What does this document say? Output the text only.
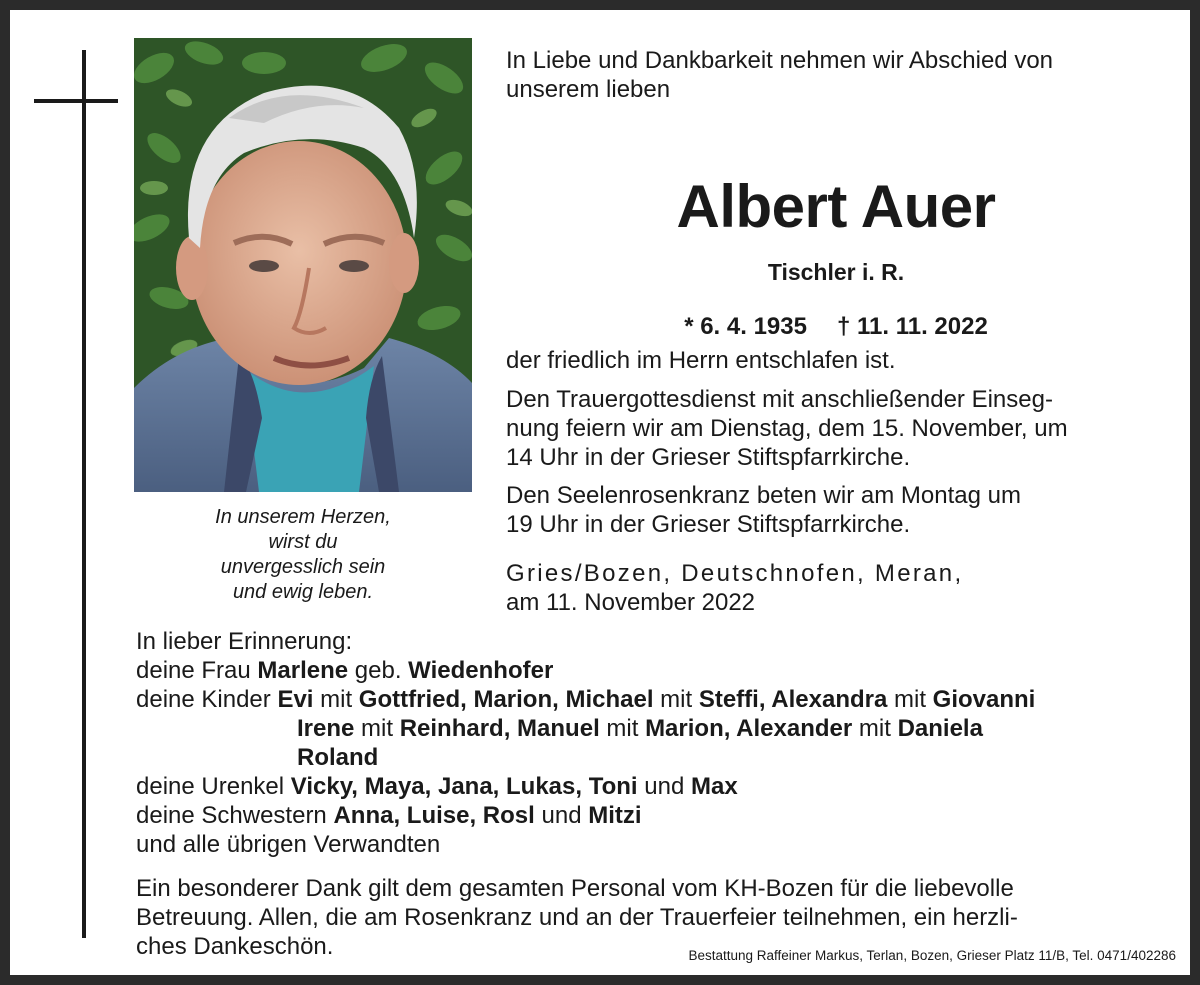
In unserem Herzen,
wirst du
unvergesslich sein
und ewig leben.
In Liebe und Dankbarkeit nehmen wir Abschied von
unserem lieben
Albert Auer
Tischler i. R.
* 6. 4. 1935 † 11. 11. 2022
der friedlich im Herrn entschlafen ist.
Den Trauergottesdienst mit anschließender Einseg-
nung feiern wir am Dienstag, dem 15. November, um
14 Uhr in der Grieser Stiftspfarrkirche.
Den Seelenrosenkranz beten wir am Montag um
19 Uhr in der Grieser Stiftspfarrkirche.
Gries/Bozen, Deutschnofen, Meran,
am 11. November 2022
In lieber Erinnerung:
deine Frau Marlene geb. Wiedenhofer
deine Kinder Evi mit Gottfried, Marion, Michael mit Steffi, Alexandra mit Giovanni
Irene mit Reinhard, Manuel mit Marion, Alexander mit Daniela
Roland
deine Urenkel Vicky, Maya, Jana, Lukas, Toni und Max
deine Schwestern Anna, Luise, Rosl und Mitzi
und alle übrigen Verwandten
Ein besonderer Dank gilt dem gesamten Personal vom KH-Bozen für die liebevolle
Betreuung. Allen, die am Rosenkranz und an der Trauerfeier teilnehmen, ein herzli-
ches Dankeschön.	Bestattung Raffeiner Markus, Terlan, Bozen, Grieser Platz 11/B, Tel. 0471/402286
